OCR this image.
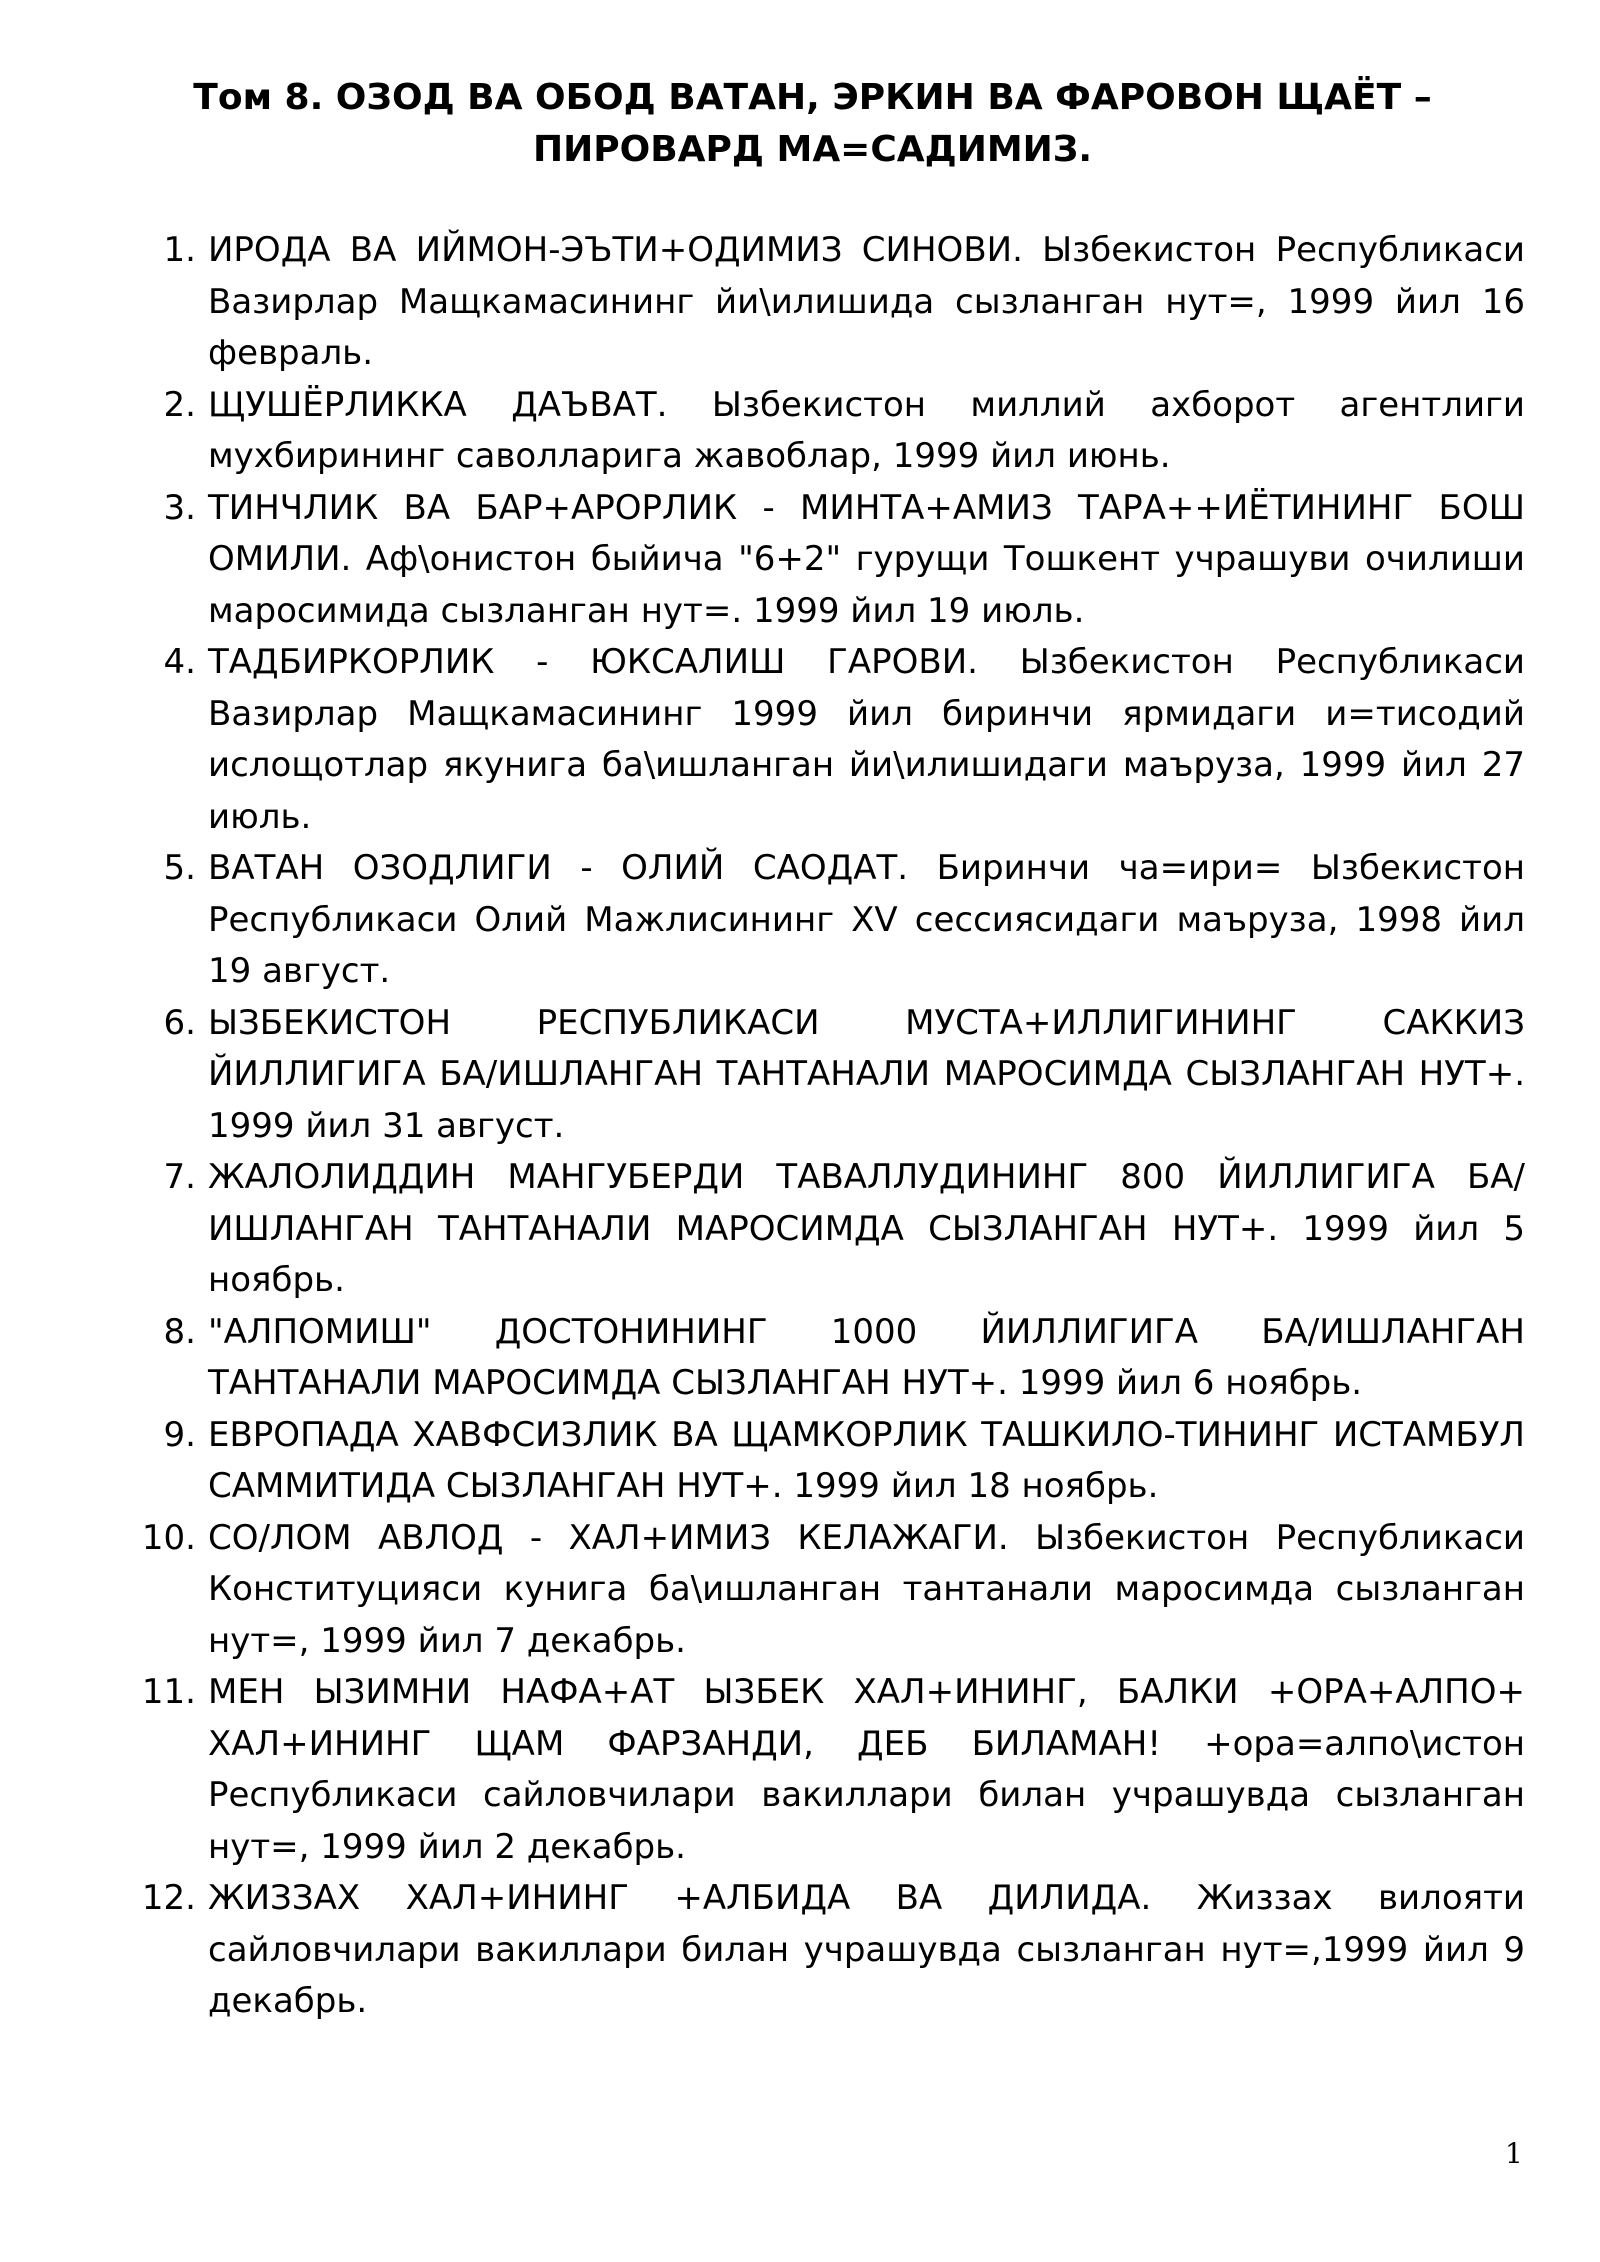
Том 8. ОЗОД ВА ОБОД ВАТАН, ЭРКИН ВА ФАРОВОН ЩАЁТ – ПИРОВАРД МА=САДИМИЗ.
1. ИРОДА ВА ИЙМОН-ЭЪТИ+ОДИМИЗ СИНОВИ. Ызбекистон Республикаси Вазирлар Мащкамасининг йи\илишида сызланган нут=, 1999 йил 16 февраль.
2. ЩУШЁРЛИККА ДАЪВАТ. Ызбекистон миллий ахборот агентлиги мухбирининг саволларига жавоблар, 1999 йил июнь.
3. ТИНЧЛИК ВА БАР+АРОРЛИК - МИНТА+АМИЗ ТАРА++ИЁТИНИНГ БОШ ОМИЛИ. Аф\онистон быйича "6+2" гурущи Тошкент учрашуви очилиши маросимида сызланган нут=. 1999 йил 19 июль.
4. ТАДБИРКОРЛИК - ЮКСАЛИШ ГАРОВИ. Ызбекистон Республикаси Вазирлар Мащкамасининг 1999 йил биринчи ярмидаги и=тисодий ислощотлар якунига ба\ишланган йи\илишидаги маъруза, 1999 йил 27 июль.
5. ВАТАН ОЗОДЛИГИ - ОЛИЙ САОДАТ. Биринчи ча=ири= Ызбекистон Республикаси Олий Мажлисининг XV сессиясидаги маъруза, 1998 йил 19 август.
6. ЫЗБЕКИСТОН РЕСПУБЛИКАСИ МУСТА+ИЛЛИГИНИНГ САККИЗ ЙИЛЛИГИГА БА/ИШЛАНГАН ТАНТАНАЛИ МАРОСИМДА СЫЗЛАНГАН НУТ+. 1999 йил 31 август.
7. ЖАЛОЛИДДИН МАНГУБЕРДИ ТАВАЛЛУДИНИНГ 800 ЙИЛЛИГИГА БА/ИШЛАНГАН ТАНТАНАЛИ МАРОСИМДА СЫЗЛАНГАН НУТ+. 1999 йил 5 ноябрь.
8. "АЛПОМИШ" ДОСТОНИНИНГ 1000 ЙИЛЛИГИГА БА/ИШЛАНГАН ТАНТАНАЛИ МАРОСИМДА СЫЗЛАНГАН НУТ+. 1999 йил 6 ноябрь.
9. ЕВРОПАДА ХАВФСИЗЛИК ВА ЩАМКОРЛИК ТАШКИЛО-ТИНИНГ ИСТАМБУЛ САММИТИДА СЫЗЛАНГАН НУТ+. 1999 йил 18 ноябрь.
10. СО/ЛОМ АВЛОД - ХАЛ+ИМИЗ КЕЛАЖАГИ. Ызбекистон Республикаси Конституцияси кунига ба\ишланган тантанали маросимда сызланган нут=, 1999 йил 7 декабрь.
11. МЕН ЫЗИМНИ НАФА+АТ ЫЗБЕК ХАЛ+ИНИНГ, БАЛКИ +ОРА+АЛПО+ ХАЛ+ИНИНГ ЩАМ ФАРЗАНДИ, ДЕБ БИЛАМАН! +ора=алпо\истон Республикаси сайловчилари вакиллари билан учрашувда сызланган нут=, 1999 йил 2 декабрь.
12. ЖИЗЗАХ ХАЛ+ИНИНГ +АЛБИДА ВА ДИЛИДА. Жиззах вилояти сайловчилари вакиллари билан учрашувда сызланган нут=,1999 йил 9 декабрь.
1
